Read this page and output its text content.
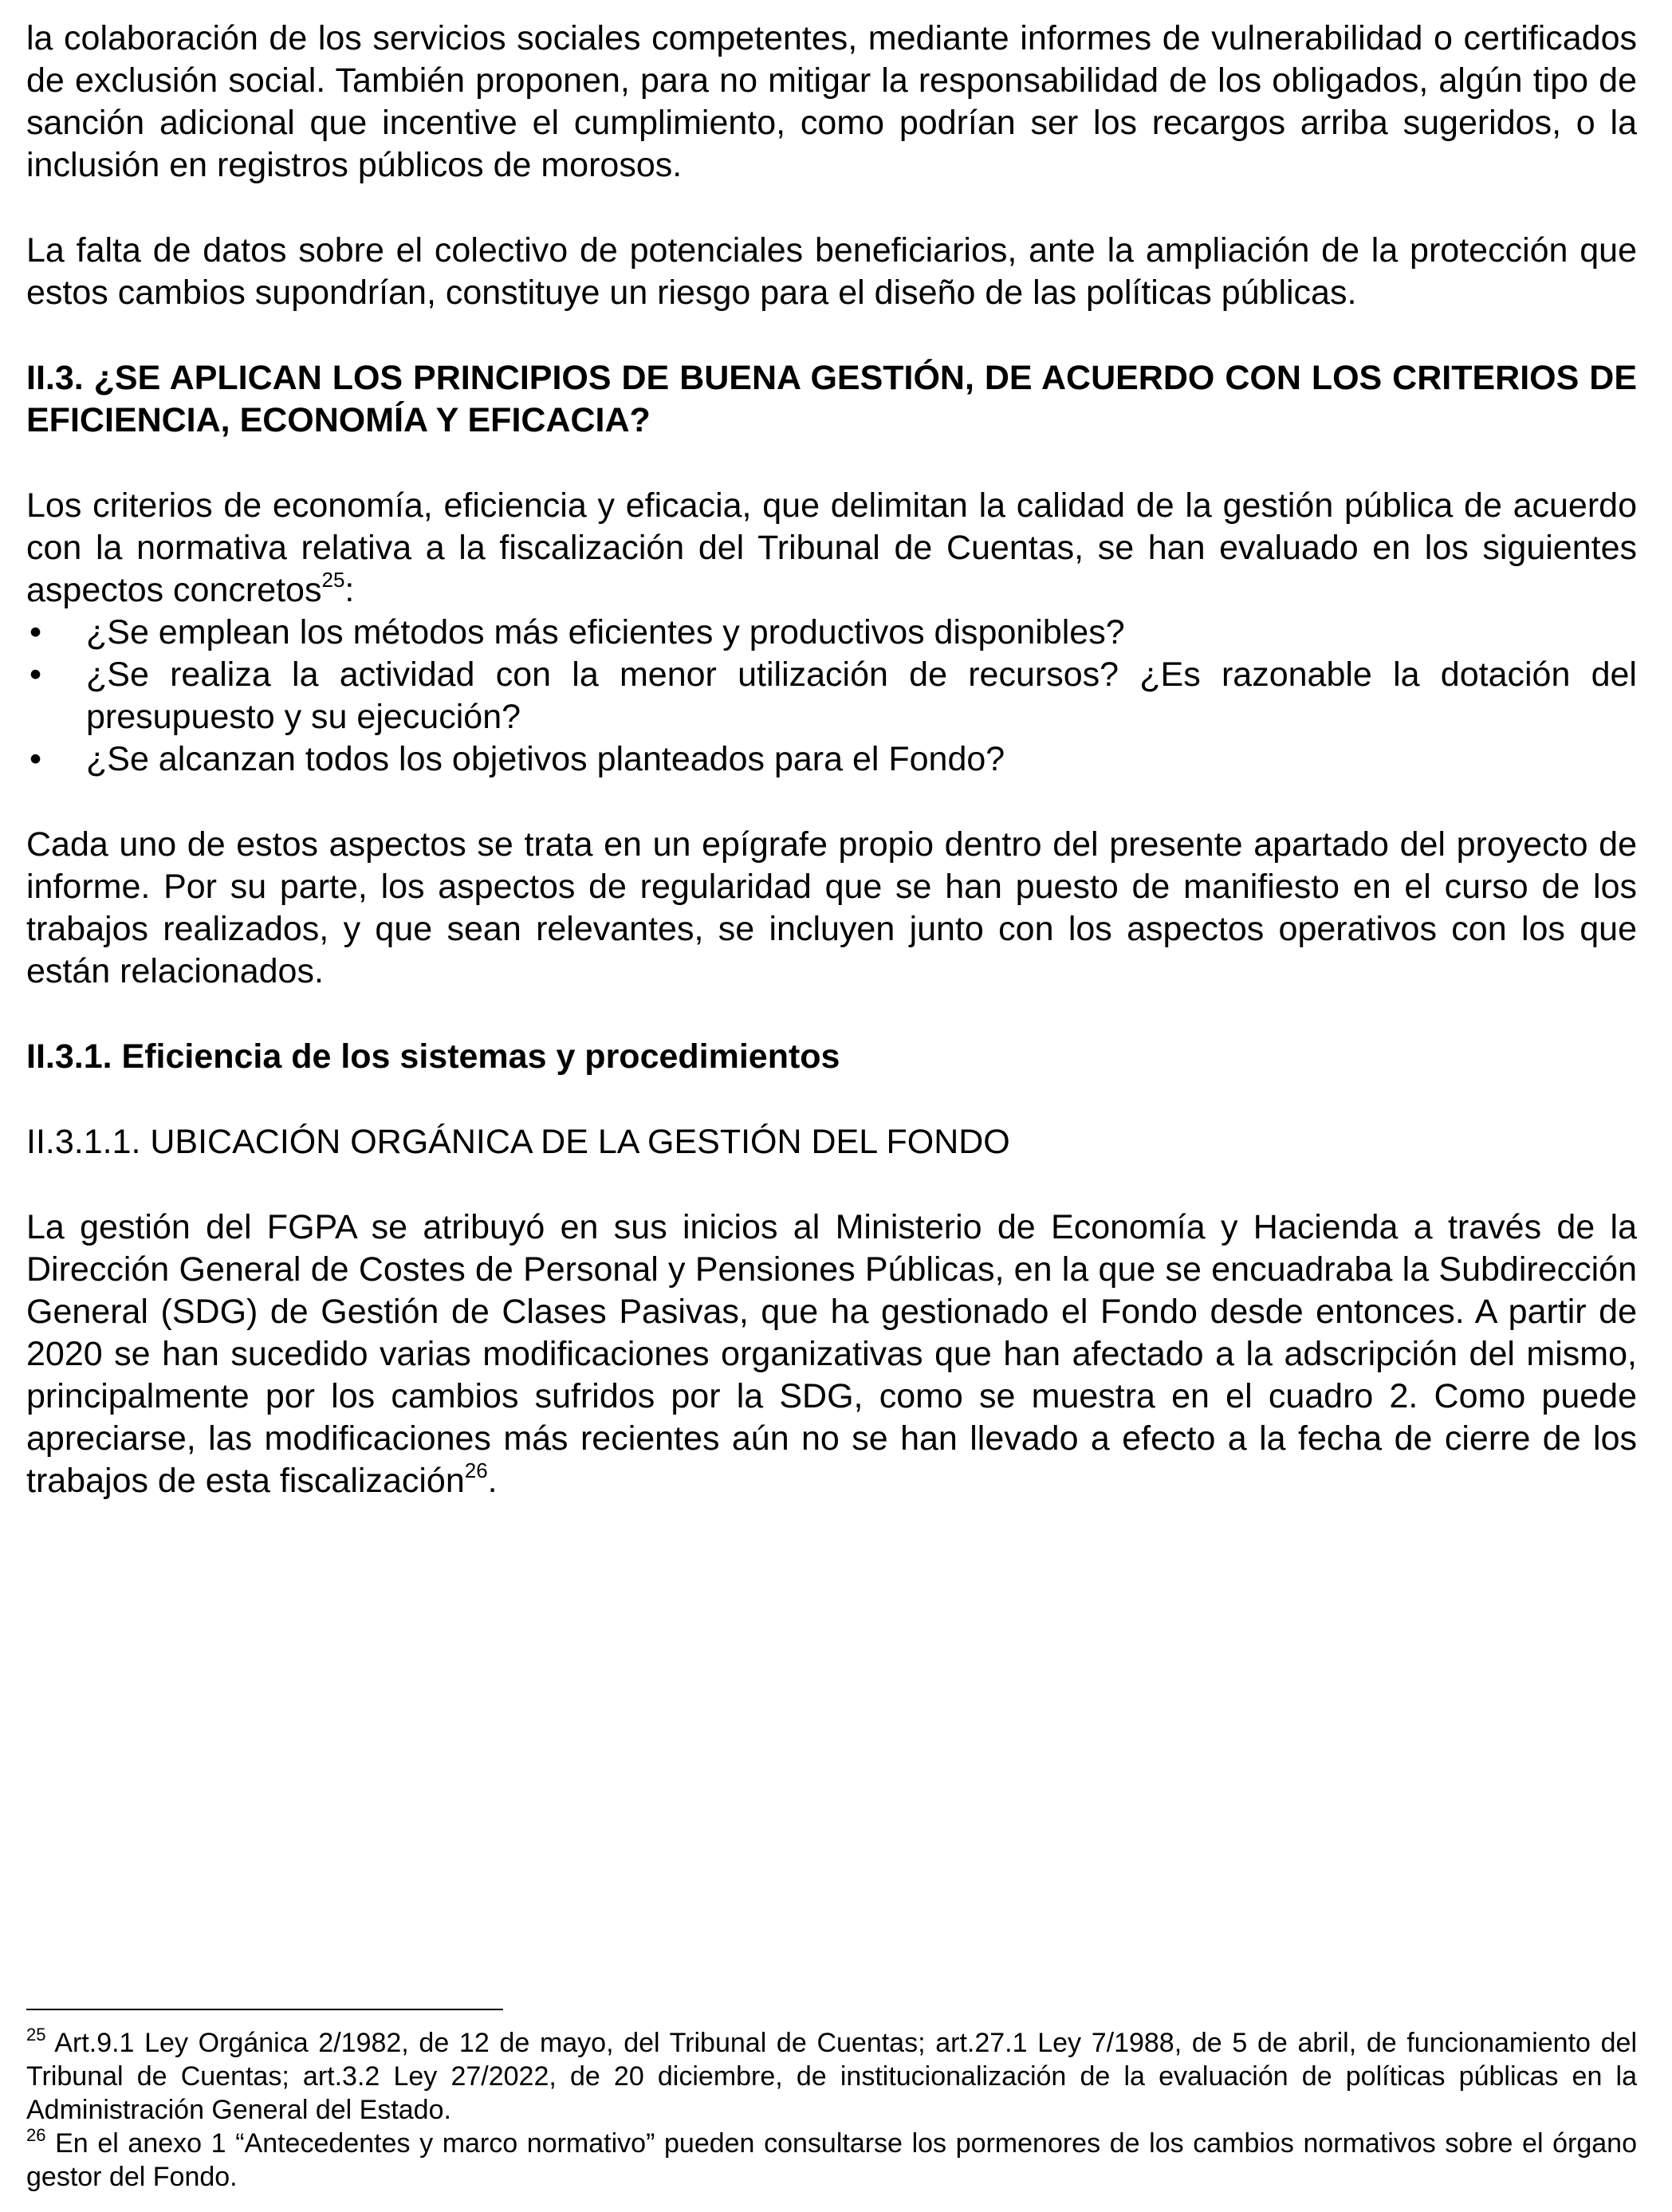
la colaboración de los servicios sociales competentes, mediante informes de vulnerabilidad o certificados de exclusión social. También proponen, para no mitigar la responsabilidad de los obligados, algún tipo de sanción adicional que incentive el cumplimiento, como podrían ser los recargos arriba sugeridos, o la inclusión en registros públicos de morosos.

La falta de datos sobre el colectivo de potenciales beneficiarios, ante la ampliación de la protección que estos cambios supondrían, constituye un riesgo para el diseño de las políticas públicas.

II.3. ¿SE APLICAN LOS PRINCIPIOS DE BUENA GESTIÓN, DE ACUERDO CON LOS CRITERIOS DE EFICIENCIA, ECONOMÍA Y EFICACIA?

Los criterios de economía, eficiencia y eficacia, que delimitan la calidad de la gestión pública de acuerdo con la normativa relativa a la fiscalización del Tribunal de Cuentas, se han evaluado en los siguientes aspectos concretos$^{25}$:

• ¿Se emplean los métodos más eficientes y productivos disponibles?
• ¿Se realiza la actividad con la menor utilización de recursos? ¿Es razonable la dotación del presupuesto y su ejecución?
• ¿Se alcanzan todos los objetivos planteados para el Fondo?

Cada uno de estos aspectos se trata en un epígrafe propio dentro del presente apartado del proyecto de informe. Por su parte, los aspectos de regularidad que se han puesto de manifiesto en el curso de los trabajos realizados, y que sean relevantes, se incluyen junto con los aspectos operativos con los que están relacionados.

II.3.1. Eficiencia de los sistemas y procedimientos
II.3.1.1. UBICACIÓN ORGÁNICA DE LA GESTIÓN DEL FONDO

La gestión del FGPA se atribuyó en sus inicios al Ministerio de Economía y Hacienda a través de la Dirección General de Costes de Personal y Pensiones Públicas, en la que se encuadraba la Subdirección General (SDG) de Gestión de Clases Pasivas, que ha gestionado el Fondo desde entonces. A partir de 2020 se han sucedido varias modificaciones organizativas que han afectado a la adscripción del mismo, principalmente por los cambios sufridos por la SDG, como se muestra en el cuadro 2. Como puede apreciarse, las modificaciones más recientes aún no se han llevado a efecto a la fecha de cierre de los trabajos de esta fiscalización$^{26}$.

$^{25}$ Art.9.1 Ley Orgánica 2/1982, de 12 de mayo, del Tribunal de Cuentas; art.27.1 Ley 7/1988, de 5 de abril, de funcionamiento del Tribunal de Cuentas; art.3.2 Ley 27/2022, de 20 diciembre, de institucionalización de la evaluación de políticas públicas en la Administración General del Estado.

$^{26}$ En el anexo 1 “Antecedentes y marco normativo” pueden consultarse los pormenores de los cambios normativos sobre el órgano gestor del Fondo.
